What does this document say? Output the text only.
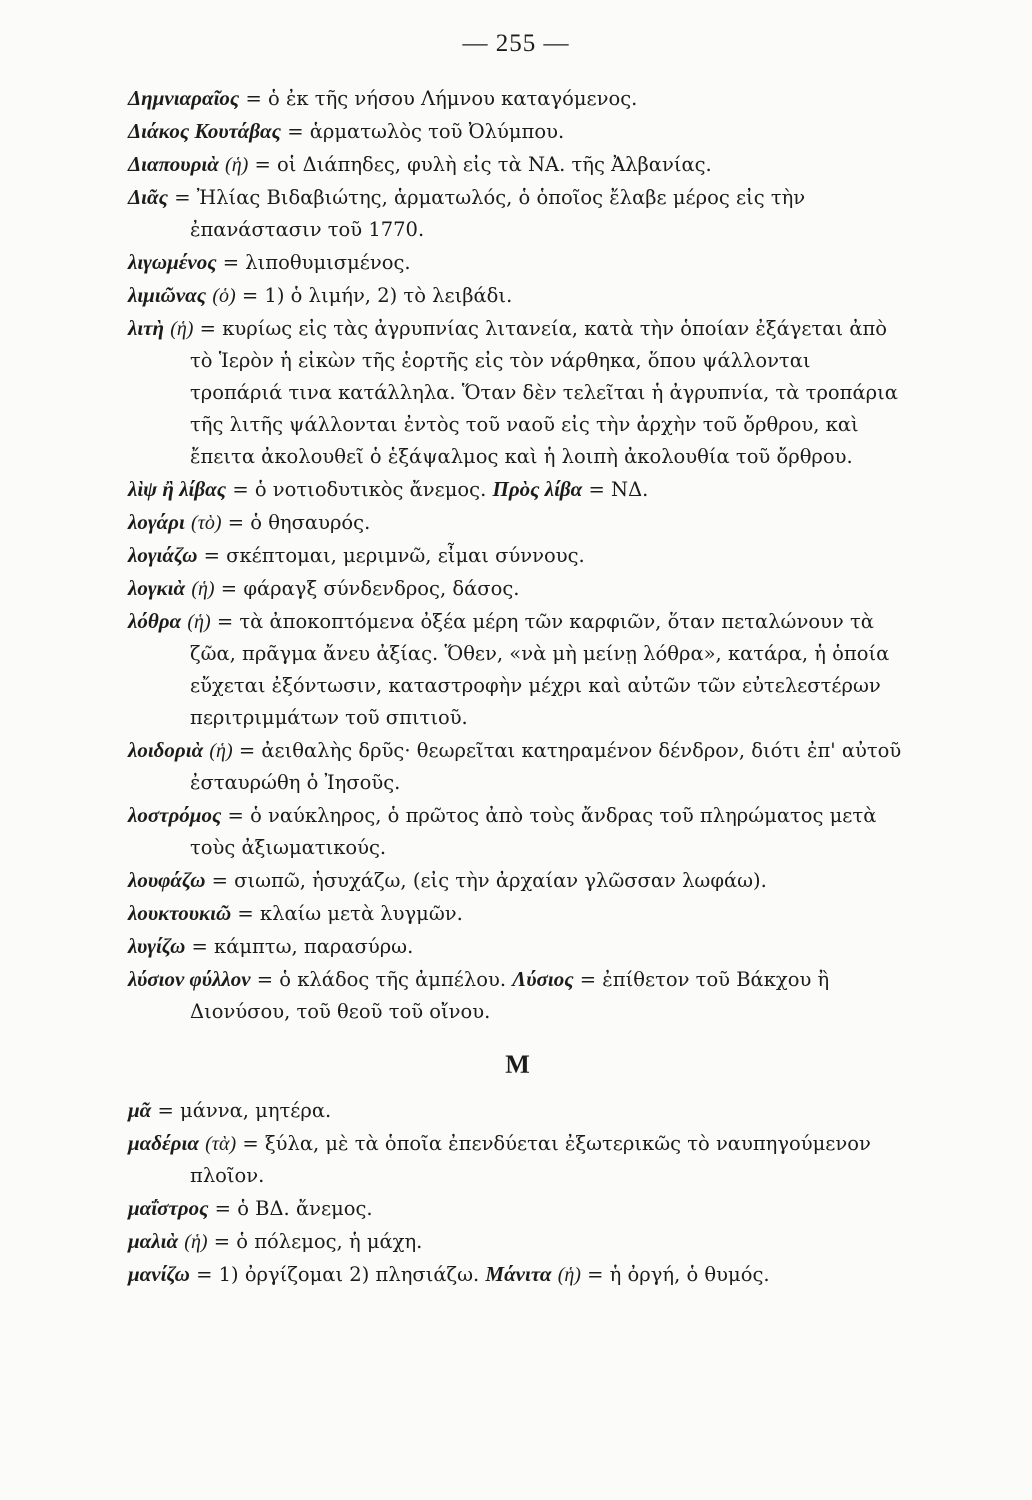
— 255 —

Δημνιαραῖος = ὁ ἐκ τῆς νήσου Λήμνου καταγόμενος.

Διάκος Κουτάβας = ἁρματωλὸς τοῦ Ὀλύμπου.

Διαπουριὰ (ἡ) = οἱ Διάπηδες, φυλὴ εἰς τὰ ΝΑ. τῆς Ἀλβανίας.

Διᾶς = Ἠλίας Βιδαβιώτης, ἁρματωλός, ὁ ὁποῖος ἔλαβε μέρος εἰς τὴν ἐπανάστασιν τοῦ 1770.

λιγωμένος = λιποθυμισμένος.

λιμιῶνας (ὁ) = 1) ὁ λιμήν, 2) τὸ λειβάδι.

λιτὴ (ἡ) = κυρίως εἰς τὰς ἀγρυπνίας λιτανεία, κατὰ τὴν ὁποίαν ἐξάγεται ἀπὸ τὸ Ἱερὸν ἡ εἰκὼν τῆς ἑορτῆς εἰς τὸν νάρθηκα, ὅπου ψάλλονται τροπάριά τινα κατάλληλα. Ὅταν δὲν τελεῖται ἡ ἀγρυπνία, τὰ τροπάρια τῆς λιτῆς ψάλλονται ἐντὸς τοῦ ναοῦ εἰς τὴν ἀρχὴν τοῦ ὄρθρου, καὶ ἔπειτα ἀκολουθεῖ ὁ ἑξάψαλμος καὶ ἡ λοιπὴ ἀκολουθία τοῦ ὄρθρου.

λὶψ ἢ λίβας = ὁ νοτιοδυτικὸς ἄνεμος. Πρὸς λίβα = ΝΔ.

λογάρι (τὸ) = ὁ θησαυρός.

λογιάζω = σκέπτομαι, μεριμνῶ, εἶμαι σύννους.

λογκιὰ (ἡ) = φάραγξ σύνδενδρος, δάσος.

λόθρα (ἡ) = τὰ ἀποκοπτόμενα ὀξέα μέρη τῶν καρφιῶν, ὅταν πεταλώνουν τὰ ζῶα, πρᾶγμα ἄνευ ἀξίας. Ὅθεν, «νὰ μὴ μείνῃ λόθρα», κατάρα, ἡ ὁποία εὔχεται ἐξόντωσιν, καταστροφὴν μέχρι καὶ αὐτῶν τῶν εὐτελεστέρων περιτριμμάτων τοῦ σπιτιοῦ.

λοιδοριὰ (ἡ) = ἀειθαλὴς δρῦς· θεωρεῖται κατηραμένον δένδρον, διότι ἐπ' αὐτοῦ ἐσταυρώθη ὁ Ἰησοῦς.

λοστρόμος = ὁ ναύκληρος, ὁ πρῶτος ἀπὸ τοὺς ἄνδρας τοῦ πληρώματος μετὰ τοὺς ἀξιωματικούς.

λουφάζω = σιωπῶ, ἡσυχάζω, (εἰς τὴν ἀρχαίαν γλῶσσαν λωφάω).

λουκτουκιῶ = κλαίω μετὰ λυγμῶν.

λυγίζω = κάμπτω, παρασύρω.

λύσιον φύλλον = ὁ κλάδος τῆς ἀμπέλου. Λύσιος = ἐπίθετον τοῦ Βάκχου ἢ Διονύσου, τοῦ θεοῦ τοῦ οἴνου.

Μ

μᾶ = μάννα, μητέρα.

μαδέρια (τὰ) = ξύλα, μὲ τὰ ὁποῖα ἐπενδύεται ἐξωτερικῶς τὸ ναυπηγούμενον πλοῖον.

μαΐστρος = ὁ ΒΔ. ἄνεμος.

μαλιὰ (ἡ) = ὁ πόλεμος, ἡ μάχη.

μανίζω = 1) ὀργίζομαι 2) πλησιάζω. Μάνιτα (ἡ) = ἡ ὀργή, ὁ θυμός.
